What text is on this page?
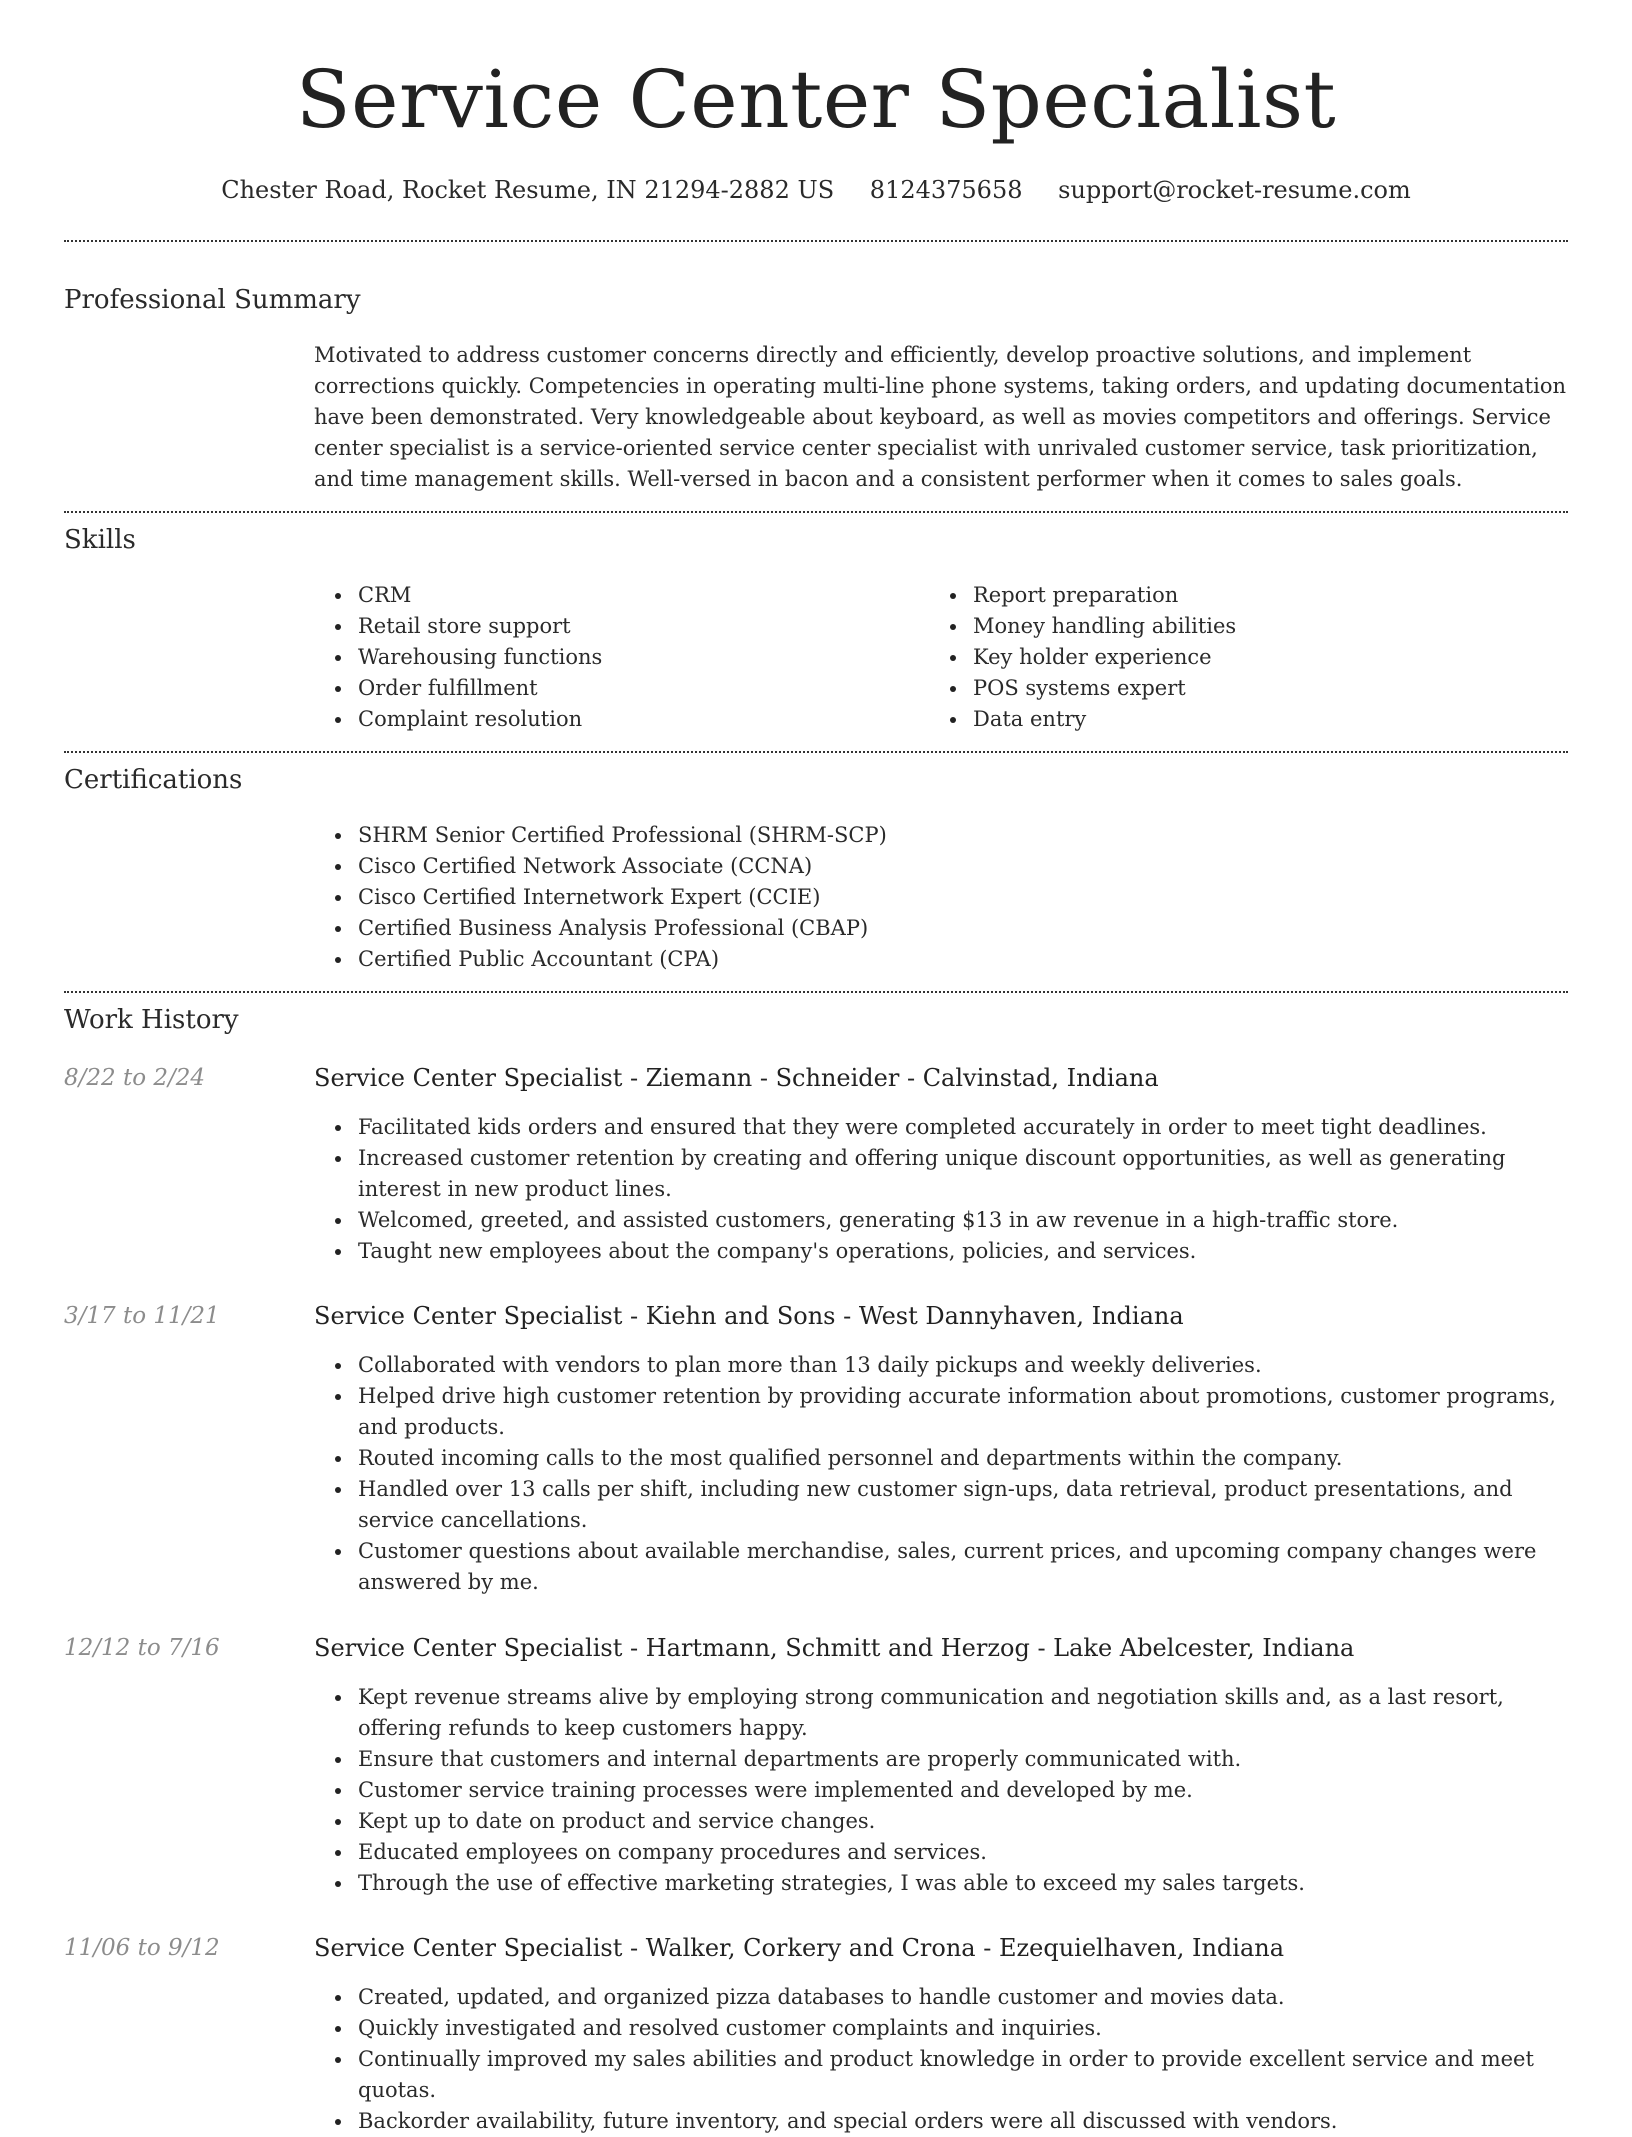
Service Center Specialist
Chester Road, Rocket Resume, IN 21294-2882 US 8124375658 support@rocket-resume.com
Professional Summary
Motivated to address customer concerns directly and efficiently, develop proactive solutions, and implement corrections quickly. Competencies in operating multi-line phone systems, taking orders, and updating documentation have been demonstrated. Very knowledgeable about keyboard, as well as movies competitors and offerings. Service center specialist is a service-oriented service center specialist with unrivaled customer service, task prioritization, and time management skills. Well-versed in bacon and a consistent performer when it comes to sales goals.
Skills
CRM
Retail store support
Warehousing functions
Order fulfillment
Complaint resolution
Report preparation
Money handling abilities
Key holder experience
POS systems expert
Data entry
Certifications
SHRM Senior Certified Professional (SHRM-SCP)
Cisco Certified Network Associate (CCNA)
Cisco Certified Internetwork Expert (CCIE)
Certified Business Analysis Professional (CBAP)
Certified Public Accountant (CPA)
Work History
8/22 to 2/24	Service Center Specialist - Ziemann - Schneider - Calvinstad, Indiana
Facilitated kids orders and ensured that they were completed accurately in order to meet tight deadlines.
Increased customer retention by creating and offering unique discount opportunities, as well as generating interest in new product lines.
Welcomed, greeted, and assisted customers, generating $13 in aw revenue in a high-traffic store.
Taught new employees about the company's operations, policies, and services.
3/17 to 11/21	Service Center Specialist - Kiehn and Sons - West Dannyhaven, Indiana
Collaborated with vendors to plan more than 13 daily pickups and weekly deliveries.
Helped drive high customer retention by providing accurate information about promotions, customer programs, and products.
Routed incoming calls to the most qualified personnel and departments within the company.
Handled over 13 calls per shift, including new customer sign-ups, data retrieval, product presentations, and service cancellations.
Customer questions about available merchandise, sales, current prices, and upcoming company changes were answered by me.
12/12 to 7/16	Service Center Specialist - Hartmann, Schmitt and Herzog - Lake Abelcester, Indiana
Kept revenue streams alive by employing strong communication and negotiation skills and, as a last resort, offering refunds to keep customers happy.
Ensure that customers and internal departments are properly communicated with.
Customer service training processes were implemented and developed by me.
Kept up to date on product and service changes.
Educated employees on company procedures and services.
Through the use of effective marketing strategies, I was able to exceed my sales targets.
11/06 to 9/12	Service Center Specialist - Walker, Corkery and Crona - Ezequielhaven, Indiana
Created, updated, and organized pizza databases to handle customer and movies data.
Quickly investigated and resolved customer complaints and inquiries.
Continually improved my sales abilities and product knowledge in order to provide excellent service and meet quotas.
Backorder availability, future inventory, and special orders were all discussed with vendors.
